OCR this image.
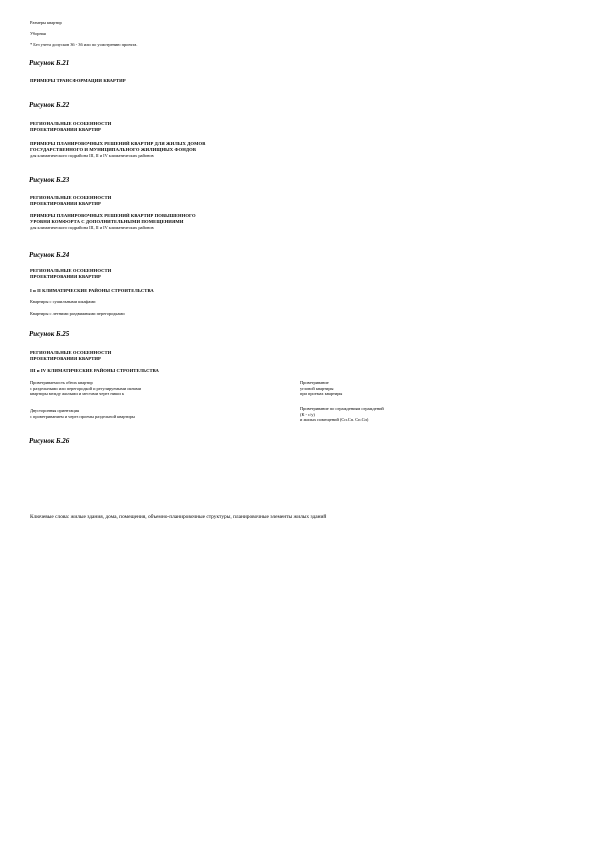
Размеры квартир
Уборная
* Без учета допусков 36 - 36 или по усмотрению проекта.
Рисунок Б.21
ПРИМЕРЫ ТРАНСФОРМАЦИИ КВАРТИР
Рисунок Б.22
РЕГИОНАЛЬНЫЕ ОСОБЕННОСТИ
ПРОЕКТИРОВАНИЯ КВАРТИР
ПРИМЕРЫ ПЛАНИРОВОЧНЫХ РЕШЕНИЙ КВАРТИР ДЛЯ ЖИЛЫХ ДОМОВ
ГОСУДАРСТВЕННОГО И МУНИЦИПАЛЬНОГО ЖИЛИЩНЫХ ФОНДОВ
для климатического подрайона III, II и IV климатических районов
Рисунок Б.23
РЕГИОНАЛЬНЫЕ ОСОБЕННОСТИ
ПРОЕКТИРОВАНИЯ КВАРТИР
ПРИМЕРЫ ПЛАНИРОВОЧНЫХ РЕШЕНИЙ КВАРТИР ПОВЫШЕННОГО
УРОВНЯ КОМФОРТА С ДОПОЛНИТЕЛЬНЫМИ ПОМЕЩЕНИЯМИ
для климатического подрайона III, II и IV климатических районов
Рисунок Б.24
РЕГИОНАЛЬНЫЕ ОСОБЕННОСТИ
ПРОЕКТИРОВАНИЯ КВАРТИР
I и II КЛИМАТИЧЕСКИЕ РАЙОНЫ СТРОИТЕЛЬСТВА
Квартиры с сушильными шкафами
Квартиры с летними раздвижными перегородками
Рисунок Б.25
РЕГИОНАЛЬНЫЕ ОСОБЕННОСТИ
ПРОЕКТИРОВАНИЯ КВАРТИР
III и IV КЛИМАТИЧЕСКИЕ РАЙОНЫ СТРОИТЕЛЬСТВА
Проветриваемость обеих квартир
с раздельными или перегородкой и регулируемыми окнами
квартиры между жилыми и местами через ниши к
Двусторонняя ориентация
с проветриванием и через проемы раздельной квартиры
Проветривание
угловой квартиры
при проемах квартиры
Проветривание по ограждениям ограждений
(К - с/у)
и жилых помещений (Сп.Сп. Сп.Сп)
Рисунок Б.26
Ключевые слова: жилые здания, дома, помещения, объемно-планировочные структуры, планировочные элементы жилых зданий
